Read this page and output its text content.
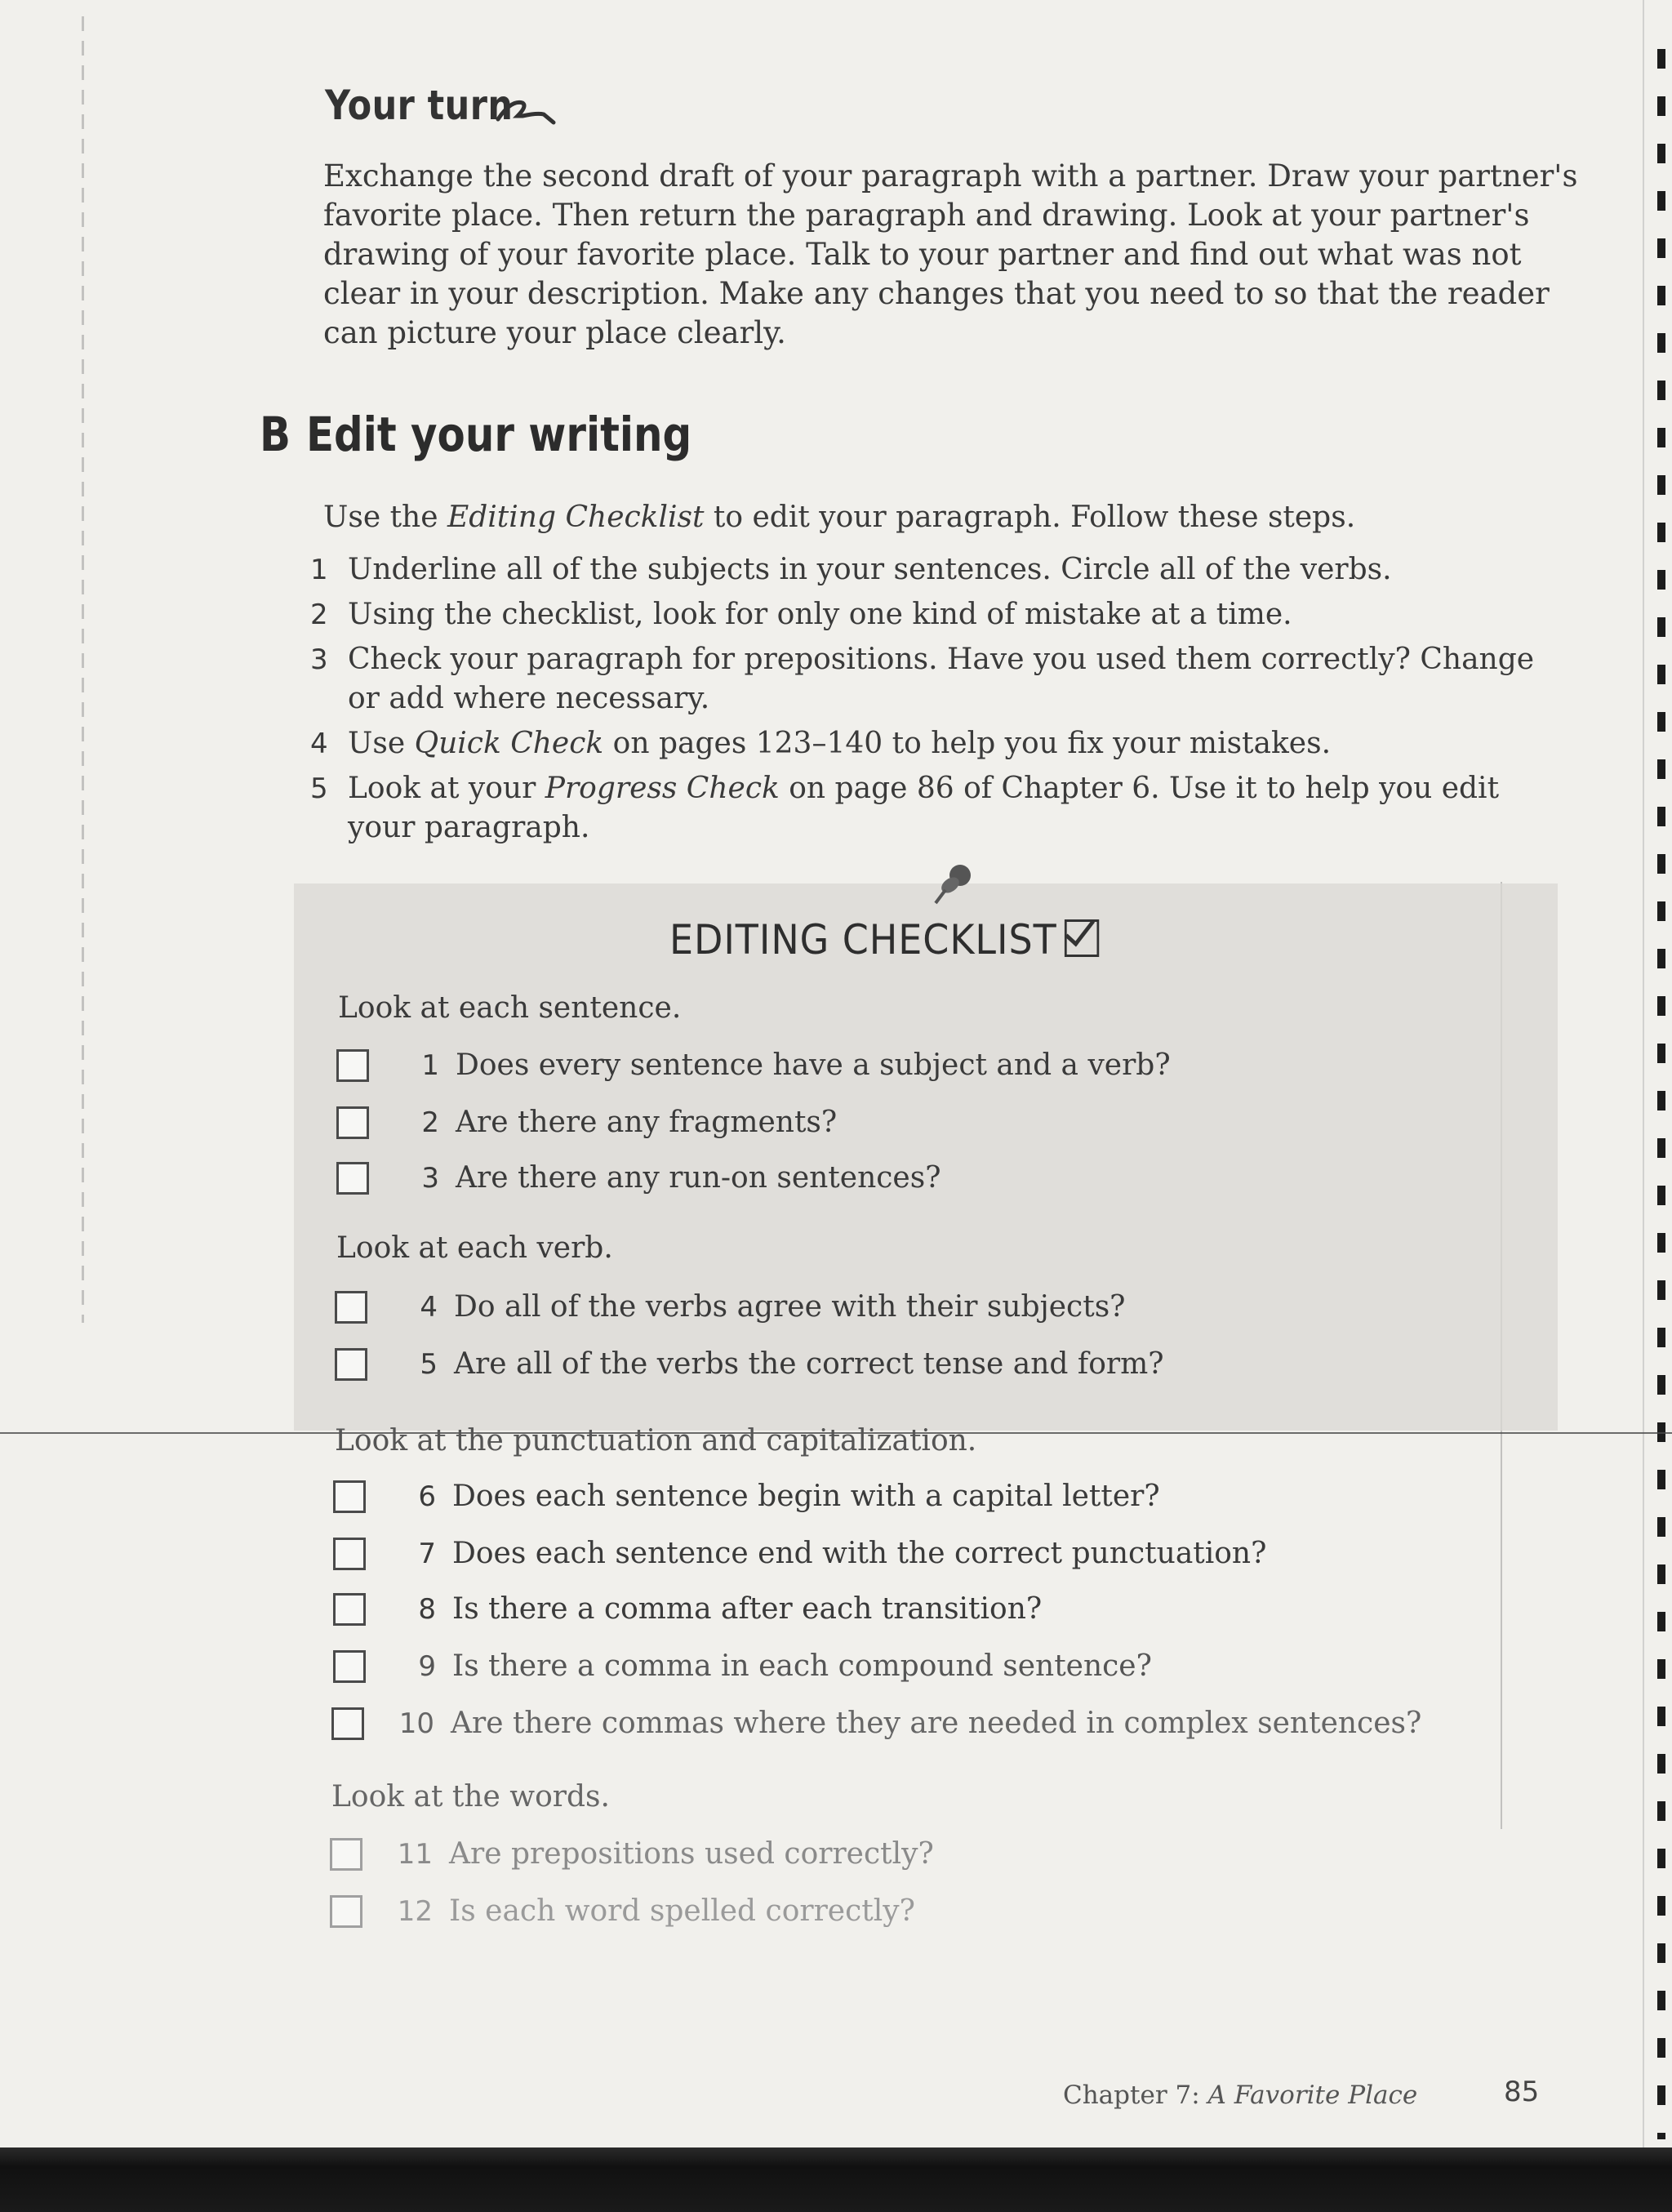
Your turn
Exchange the second draft of your paragraph with a partner. Draw your partner's favorite place. Then return the paragraph and drawing. Look at your partner's drawing of your favorite place. Talk to your partner and find out what was not clear in your description. Make any changes that you need to so that the reader can picture your place clearly.
B Edit your writing
Use the Editing Checklist to edit your paragraph. Follow these steps.
1 Underline all of the subjects in your sentences. Circle all of the verbs.
2 Using the checklist, look for only one kind of mistake at a time.
3 Check your paragraph for prepositions. Have you used them correctly? Change or add where necessary.
4 Use Quick Check on pages 123–140 to help you fix your mistakes.
5 Look at your Progress Check on page 86 of Chapter 6. Use it to help you edit your paragraph.
EDITING CHECKLIST
Look at each sentence.
1 Does every sentence have a subject and a verb?
2 Are there any fragments?
3 Are there any run-on sentences?
Look at each verb.
4 Do all of the verbs agree with their subjects?
5 Are all of the verbs the correct tense and form?
Look at the punctuation and capitalization.
6 Does each sentence begin with a capital letter?
7 Does each sentence end with the correct punctuation?
8 Is there a comma after each transition?
9 Is there a comma in each compound sentence?
10 Are there commas where they are needed in complex sentences?
Look at the words.
11 Are prepositions used correctly?
12 Is each word spelled correctly?
Chapter 7: A Favorite Place	85
